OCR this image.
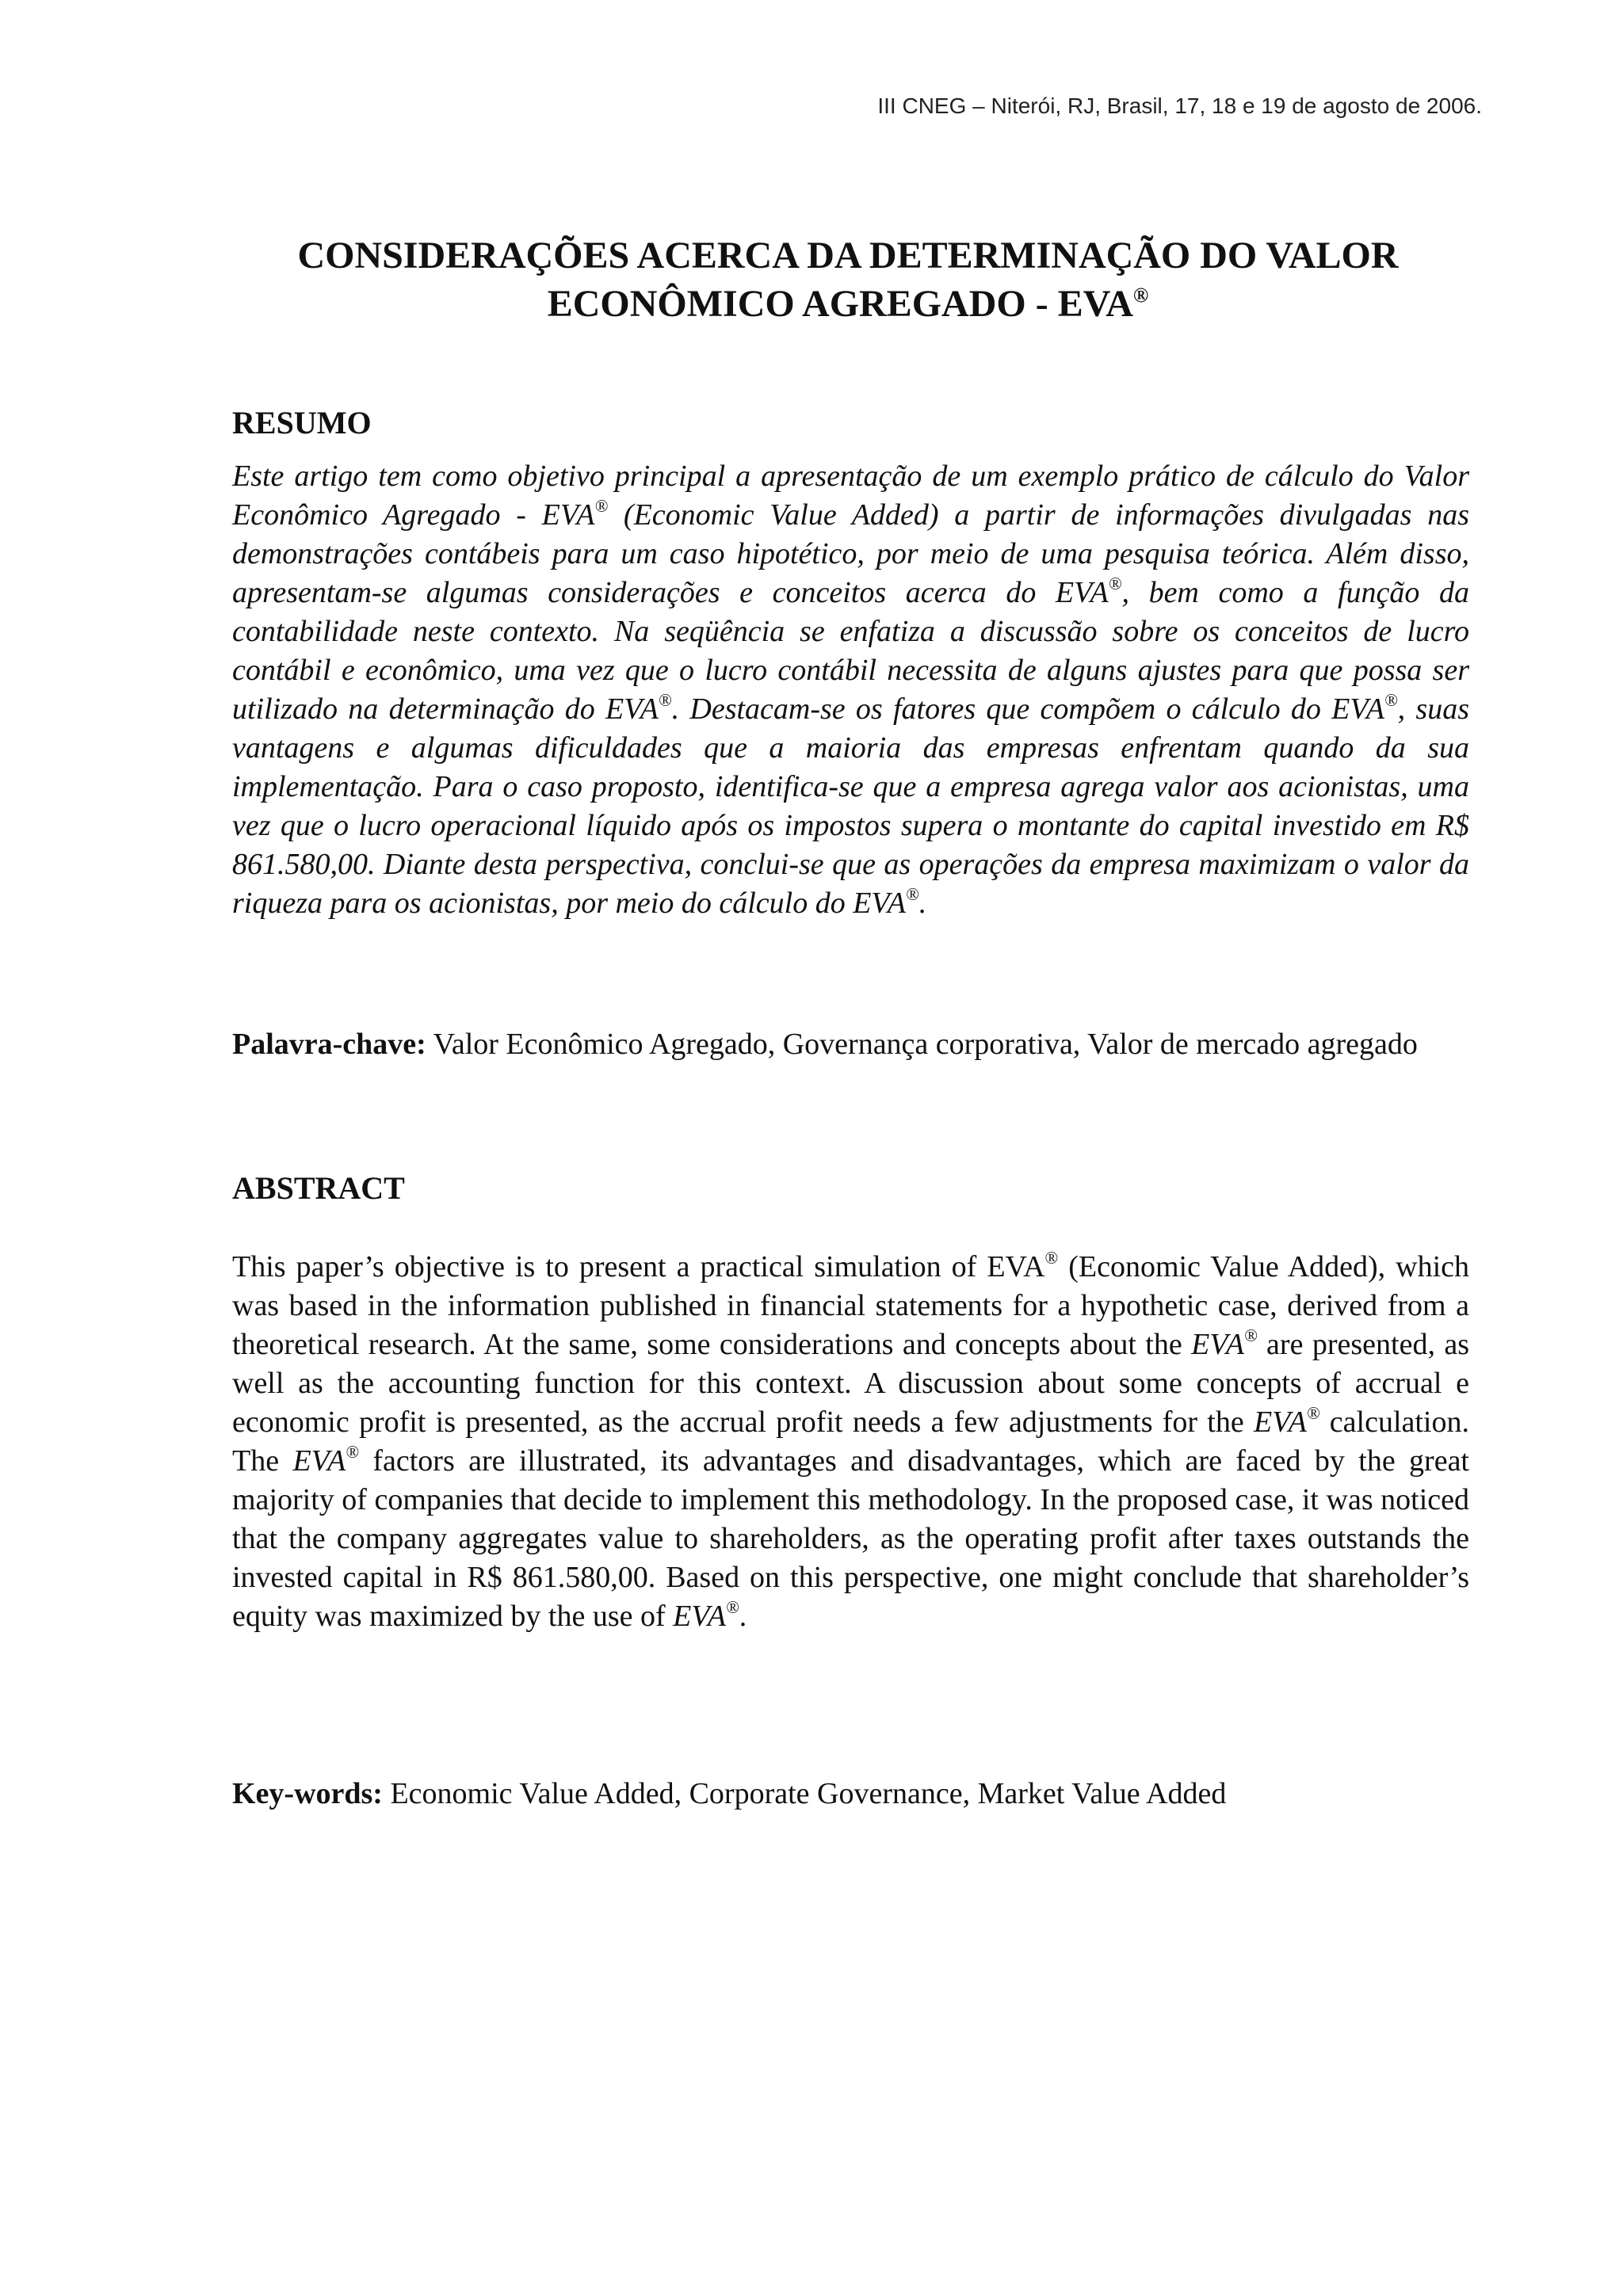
III CNEG – Niterói, RJ, Brasil, 17, 18 e 19 de agosto de 2006.
CONSIDERAÇÕES ACERCA DA DETERMINAÇÃO DO VALOR
ECONÔMICO AGREGADO - EVA®
RESUMO
Este artigo tem como objetivo principal a apresentação de um exemplo prático de cálculo do Valor Econômico Agregado - EVA® (Economic Value Added) a partir de informações divulgadas nas demonstrações contábeis para um caso hipotético, por meio de uma pesquisa teórica. Além disso, apresentam-se algumas considerações e conceitos acerca do EVA®, bem como a função da contabilidade neste contexto. Na seqüência se enfatiza a discussão sobre os conceitos de lucro contábil e econômico, uma vez que o lucro contábil necessita de alguns ajustes para que possa ser utilizado na determinação do EVA®. Destacam-se os fatores que compõem o cálculo do EVA®, suas vantagens e algumas dificuldades que a maioria das empresas enfrentam quando da sua implementação. Para o caso proposto, identifica-se que a empresa agrega valor aos acionistas, uma vez que o lucro operacional líquido após os impostos supera o montante do capital investido em R$ 861.580,00. Diante desta perspectiva, conclui-se que as operações da empresa maximizam o valor da riqueza para os acionistas, por meio do cálculo do EVA®.
Palavra-chave: Valor Econômico Agregado, Governança corporativa, Valor de mercado agregado
ABSTRACT
This paper’s objective is to present a practical simulation of EVA® (Economic Value Added), which was based in the information published in financial statements for a hypothetic case, derived from a theoretical research. At the same, some considerations and concepts about the EVA® are presented, as well as the accounting function for this context. A discussion about some concepts of accrual e economic profit is presented, as the accrual profit needs a few adjustments for the EVA® calculation. The EVA® factors are illustrated, its advantages and disadvantages, which are faced by the great majority of companies that decide to implement this methodology. In the proposed case, it was noticed that the company aggregates value to shareholders, as the operating profit after taxes outstands the invested capital in R$ 861.580,00. Based on this perspective, one might conclude that shareholder’s equity was maximized by the use of EVA®.
Key-words: Economic Value Added, Corporate Governance, Market Value Added
